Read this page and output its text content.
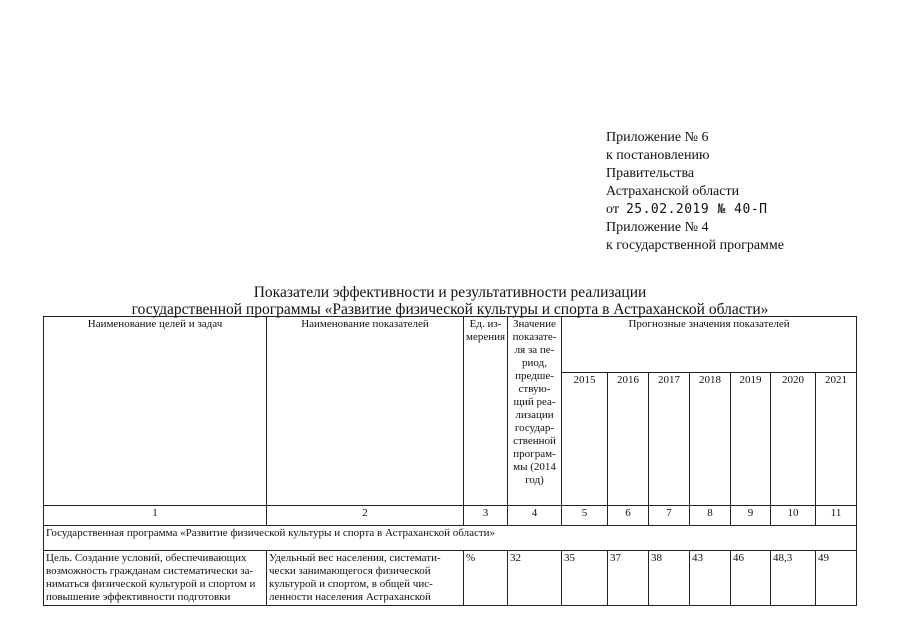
Приложение № 6
к постановлению
Правительства
Астраханской области
от 25.02.2019 № 40-П
Приложение № 4
к государственной программе
Показатели эффективности и результативности реализации
государственной программы «Развитие физической культуры и спорта в Астраханской области»
Наименование целей и задач	Наименование показателей	Ед. из-мерения	Значение показате-ля за пе-риод, предше-ствую-щий реа-лизации государ-ственной програм-мы (2014 год)	Прогнозные значения показателей						
				2015	2016	2017	2018	2019	2020	2021
1	2	3	4	5	6	7	8	9	10	11
Государственная программа «Развитие физической культуры и спорта в Астраханской области»										

Цель. Создание условий, обеспечивающих возможность гражданам систематически за-ниматься физической культурой и спортом и повышение эффективности подготовки	Удельный вес населения, системати-чески занимающегося физической культурой и спортом, в общей чис-ленности населения Астраханской	%	32	35	37	38	43	46	48,3	49
